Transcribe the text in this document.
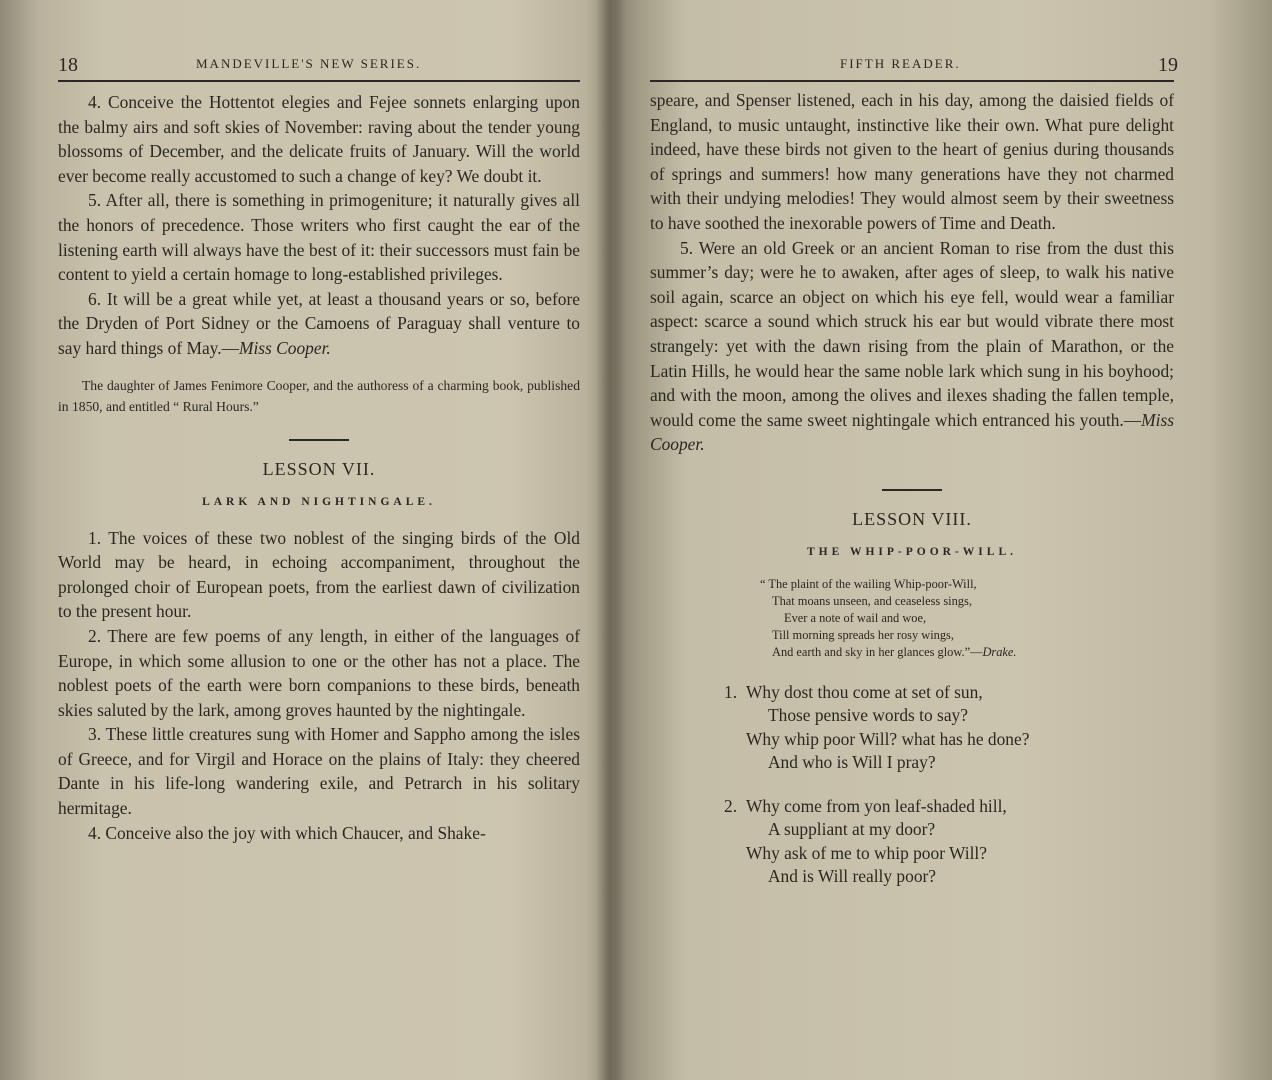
18	MANDEVILLE'S NEW SERIES.

4. Conceive the Hottentot elegies and Fejee sonnets enlarging upon the balmy airs and soft skies of November: raving about the tender young blossoms of December, and the delicate fruits of January. Will the world ever become really accustomed to such a change of key? We doubt it.

5. After all, there is something in primogeniture; it naturally gives all the honors of precedence. Those writers who first caught the ear of the listening earth will always have the best of it: their successors must fain be content to yield a certain homage to long-established privileges.

6. It will be a great while yet, at least a thousand years or so, before the Dryden of Port Sidney or the Camoens of Paraguay shall venture to say hard things of May.—Miss Cooper.

The daughter of James Fenimore Cooper, and the authoress of a charming book, published in 1850, and entitled “ Rural Hours.”

LESSON VII.
LARK AND NIGHTINGALE.

1. The voices of these two noblest of the singing birds of the Old World may be heard, in echoing accompaniment, throughout the prolonged choir of European poets, from the earliest dawn of civilization to the present hour.

2. There are few poems of any length, in either of the languages of Europe, in which some allusion to one or the other has not a place. The noblest poets of the earth were born companions to these birds, beneath skies saluted by the lark, among groves haunted by the nightingale.

3. These little creatures sung with Homer and Sappho among the isles of Greece, and for Virgil and Horace on the plains of Italy: they cheered Dante in his life-long wandering exile, and Petrarch in his solitary hermitage.

4. Conceive also the joy with which Chaucer, and Shake-

FIFTH READER.	19

speare, and Spenser listened, each in his day, among the daisied fields of England, to music untaught, instinctive like their own. What pure delight indeed, have these birds not given to the heart of genius during thousands of springs and summers! how many generations have they not charmed with their undying melodies! They would almost seem by their sweetness to have soothed the inexorable powers of Time and Death.

5. Were an old Greek or an ancient Roman to rise from the dust this summer’s day; were he to awaken, after ages of sleep, to walk his native soil again, scarce an object on which his eye fell, would wear a familiar aspect: scarce a sound which struck his ear but would vibrate there most strangely: yet with the dawn rising from the plain of Marathon, or the Latin Hills, he would hear the same noble lark which sung in his boyhood; and with the moon, among the olives and ilexes shading the fallen temple, would come the same sweet nightingale which entranced his youth.—Miss Cooper.

LESSON VIII.
THE WHIP-POOR-WILL.
“ The plaint of the wailing Whip-poor-Will,
That moans unseen, and ceaseless sings,
Ever a note of wail and woe,
Till morning spreads her rosy wings,
And earth and sky in her glances glow.”—Drake.
1. Why dost thou come at set of sun,
Those pensive words to say?
Why whip poor Will? what has he done?
And who is Will I pray?
2. Why come from yon leaf-shaded hill,
A suppliant at my door?
Why ask of me to whip poor Will?
And is Will really poor?
